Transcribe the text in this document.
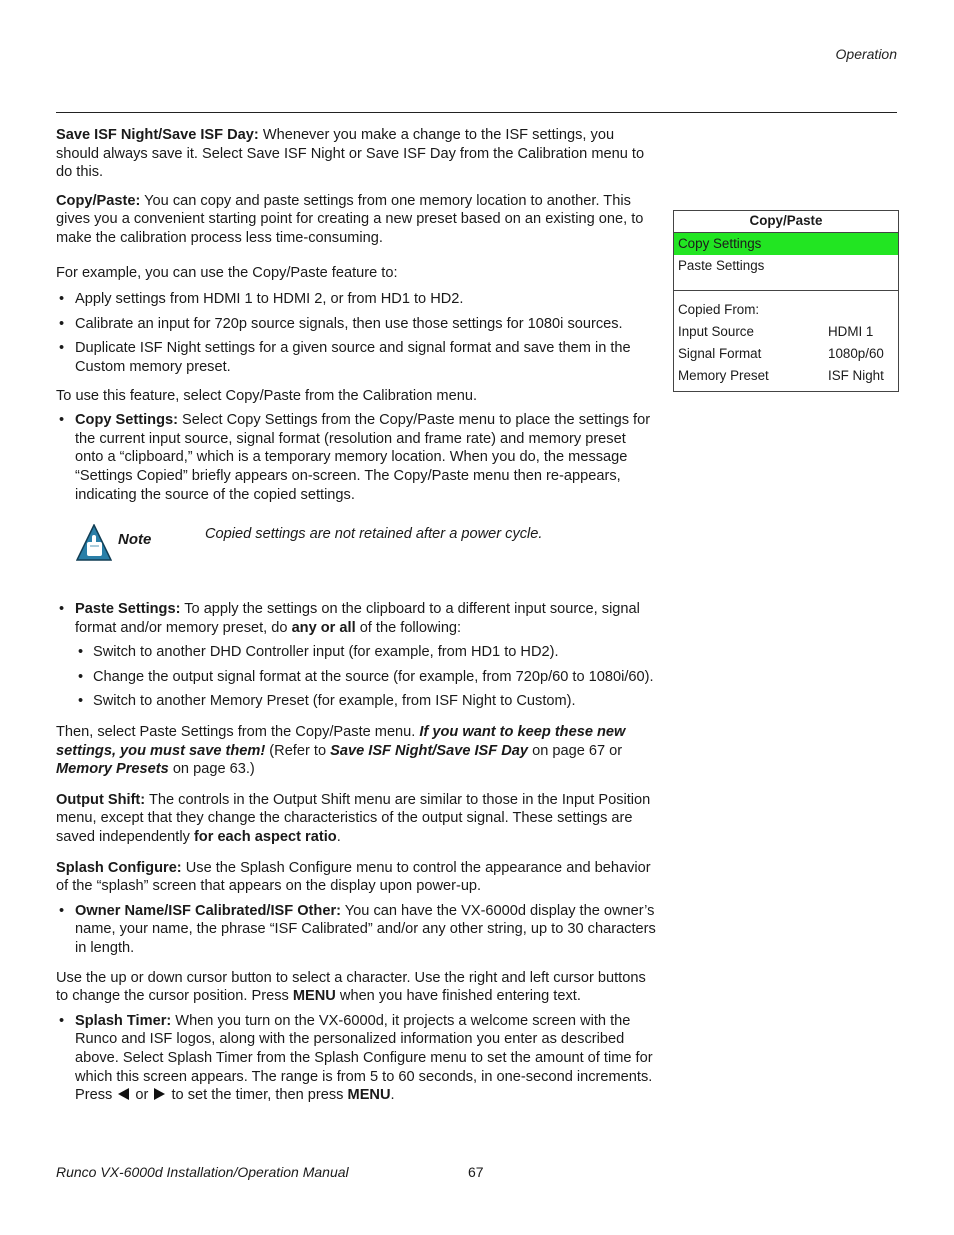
Operation

Save ISF Night/Save ISF Day: Whenever you make a change to the ISF settings, you should always save it. Select Save ISF Night or Save ISF Day from the Calibration menu to do this.

Copy/Paste: You can copy and paste settings from one memory location to another. This gives you a convenient starting point for creating a new preset based on an existing one, to make the calibration process less time-consuming.

For example, you can use the Copy/Paste feature to:

• Apply settings from HDMI 1 to HDMI 2, or from HD1 to HD2.
• Calibrate an input for 720p source signals, then use those settings for 1080i sources.
• Duplicate ISF Night settings for a given source and signal format and save them in the Custom memory preset.

To use this feature, select Copy/Paste from the Calibration menu.

• Copy Settings: Select Copy Settings from the Copy/Paste menu to place the settings for the current input source, signal format (resolution and frame rate) and memory preset onto a “clipboard,” which is a temporary memory location. When you do, the message “Settings Copied” briefly appears on-screen. The Copy/Paste menu then re-appears, indicating the source of the copied settings.
Note	Copied settings are not retained after a power cycle.
• Paste Settings: To apply the settings on the clipboard to a different input source, signal format and/or memory preset, do any or all of the following:
• Switch to another DHD Controller input (for example, from HD1 to HD2).
• Change the output signal format at the source (for example, from 720p/60 to 1080i/60).
• Switch to another Memory Preset (for example, from ISF Night to Custom).

Then, select Paste Settings from the Copy/Paste menu. If you want to keep these new settings, you must save them! (Refer to Save ISF Night/Save ISF Day on page 67 or Memory Presets on page 63.)

Output Shift: The controls in the Output Shift menu are similar to those in the Input Position menu, except that they change the characteristics of the output signal. These settings are saved independently for each aspect ratio.

Splash Configure: Use the Splash Configure menu to control the appearance and behavior of the “splash” screen that appears on the display upon power-up.

• Owner Name/ISF Calibrated/ISF Other: You can have the VX-6000d display the owner’s name, your name, the phrase “ISF Calibrated” and/or any other string, up to 30 characters in length.

Use the up or down cursor button to select a character. Use the right and left cursor buttons to change the cursor position. Press MENU when you have finished entering text.

• Splash Timer: When you turn on the VX-6000d, it projects a welcome screen with the Runco and ISF logos, along with the personalized information you enter as described above. Select Splash Timer from the Splash Configure menu to set the amount of time for which this screen appears. The range is from 5 to 60 seconds, in one-second increments. Press  or  to set the timer, then press MENU.
Copy/Paste
Copy Settings
Paste Settings
Copied From:
Input Source	HDMI 1
Signal Format	1080p/60
Memory Preset	ISF Night
Runco VX-6000d Installation/Operation Manual	67
